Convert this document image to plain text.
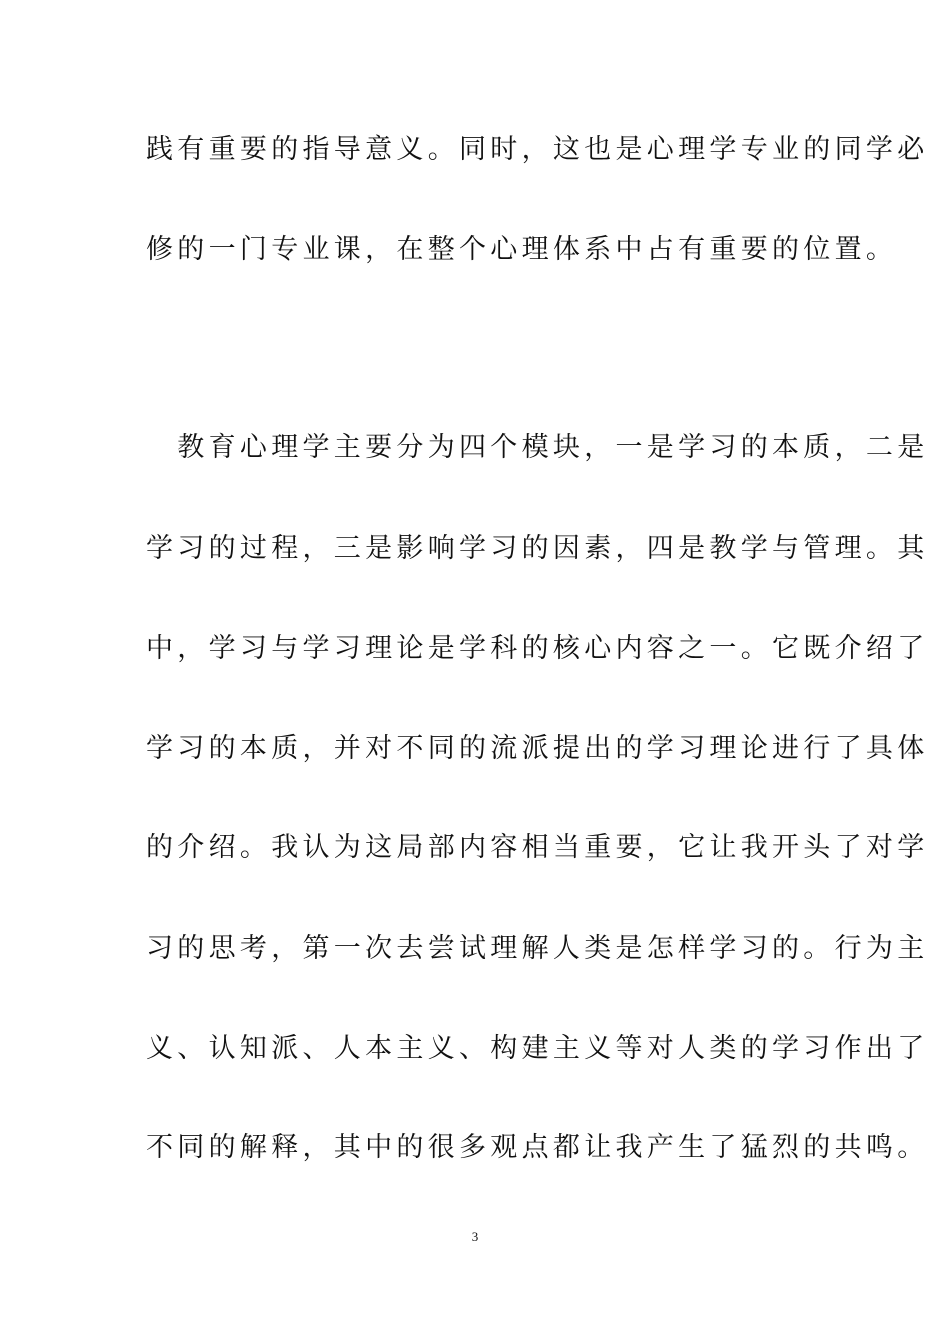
践有重要的指导意义。同时，这也是心理学专业的同学必
修的一门专业课，在整个心理体系中占有重要的位置。
　教育心理学主要分为四个模块，一是学习的本质，二是
学习的过程，三是影响学习的因素，四是教学与管理。其
中，学习与学习理论是学科的核心内容之一。它既介绍了
学习的本质，并对不同的流派提出的学习理论进行了具体
的介绍。我认为这局部内容相当重要，它让我开头了对学
习的思考，第一次去尝试理解人类是怎样学习的。行为主
义、认知派、人本主义、构建主义等对人类的学习作出了
不同的解释，其中的很多观点都让我产生了猛烈的共鸣。
3
